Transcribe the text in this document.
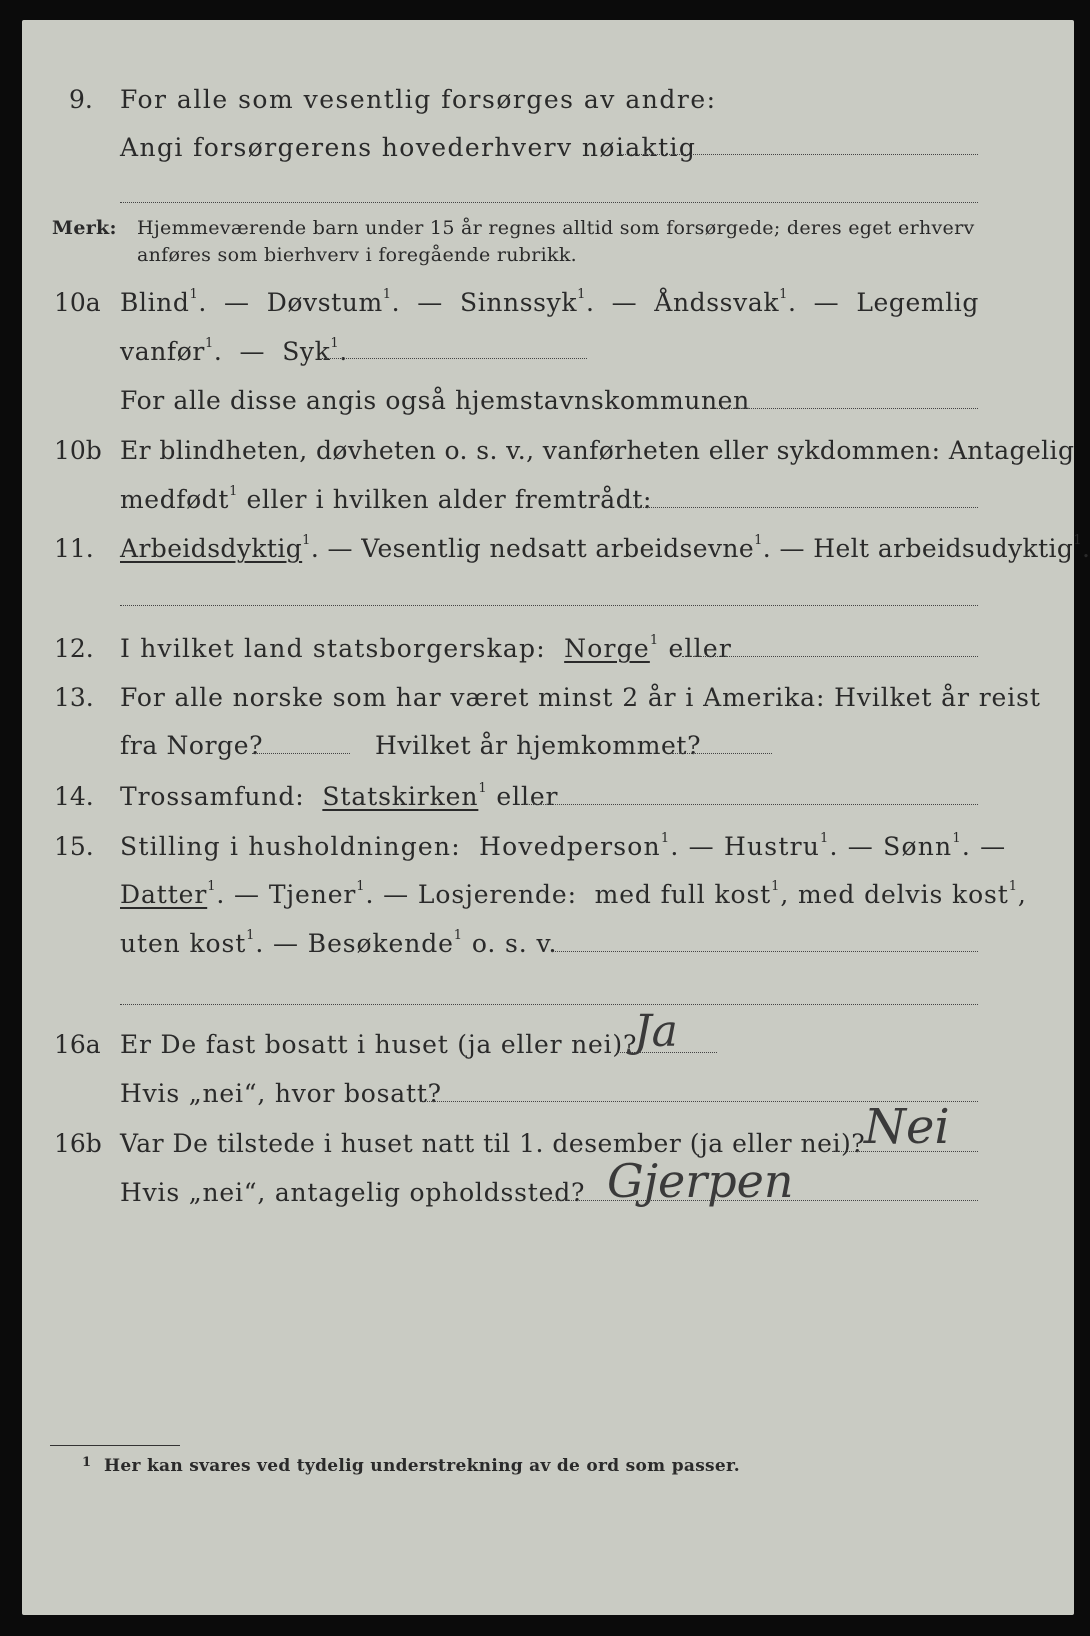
9. For alle som vesentlig forsørges av andre:
Angi forsørgerens hovederhverv nøiaktig
Merk: Hjemmeværende barn under 15 år regnes alltid som forsørgede; deres eget erhverv
anføres som bierhverv i foregående rubrikk.
10a Blind$^1$.  —  Døvstum$^1$.  —  Sinnssyk$^1$.  —  Åndssvak$^1$.  —  Legemlig
vanfør$^1$.  —  Syk$^1$.
For alle disse angis også hjemstavnskommunen
10b Er blindheten, døvheten o. s. v., vanførheten eller sykdommen: Antagelig
medfødt$^1$ eller i hvilken alder fremtrådt:
11. Arbeidsdyktig$^1$. — Vesentlig nedsatt arbeidsevne$^1$. — Helt arbeidsudyktig$^1$.
12. I hvilket land statsborgerskap: Norge$^1$ eller
13. For alle norske som har været minst 2 år i Amerika: Hvilket år reist
fra Norge?	Hvilket år hjemkommet?
14. Trossamfund: Statskirken$^1$ eller
15. Stilling i husholdningen: Hovedperson$^1$. — Hustru$^1$. — Sønn$^1$. —
Datter$^1$. — Tjener$^1$. — Losjerende: med full kost$^1$, med delvis kost$^1$,
uten kost$^1$. — Besøkende$^1$ o. s. v.
16a Er De fast bosatt i huset (ja eller nei)?
Ja
Hvis „nei“, hvor bosatt?
16b Var De tilstede i huset natt til 1. desember (ja eller nei)?
Nei
Hvis „nei“, antagelig opholdssted? Gjerpen
1 Her kan svares ved tydelig understrekning av de ord som passer.
